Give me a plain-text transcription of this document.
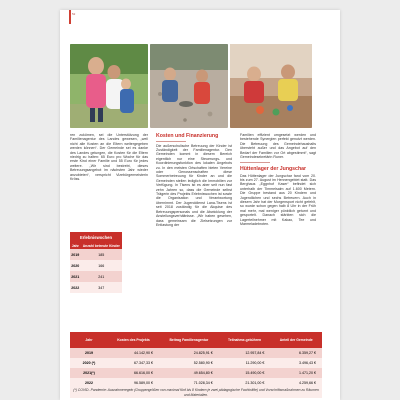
52

ren zukömen, sei die Unterstützung der Familienagentur des Landes gewesen, „weil nicht alle Kosten an die Eltern weitergegeben werden können“. Der Gemeinde sei es danke des Landes gelungen, die Kosten für die Eltern niedrig zu halten: 65 Euro pro Woche für das erste Kind einer Familie und 55 Euro für jedes weitere. „Wir sind bestrebt, dieses Betreuungsangebot im nächsten Jahr wieder anzubieten“, verspricht Vizebürgermeisterin Kröss.

Erlebniswochen	
Jahr	Anzahl betreute Kinder
2019	185
2020	166
2021	241
2022	347
Kosten und Finanzierung

Die außerschulische Betreuung der Kinder ist Zuständigkeit der Familienagentur. Den Gemeinden kommt in diesem Bereich eigentlich nur eine Steuerungs- und Koordinierungsfunktion des lokalen Angebots zu. In den meisten Ortschaften bieten Vereine oder Genossenschaften diese Sommerbetreuung für Kinder an und die Gemeinden stellen lediglich die Immobilien zur Verfügung. In Tisens ist es aber seit nun fast zehn Jahren so, dass die Gemeinde selbst Trägerin des Projekts Erlebniswochen ist sowie die Organisation und Verantwortung übernimmt. Der Jugenddienst Lana-Tisens ist seit 2018 zuständig für die Akquise des Betreuungspersonals und die Abwicklung der Anstellungsverhältnisse. „Wir haben gesehen, dass gemeinsam die Zielsetzungen zur Entlastung der

Familien effizient umgesetzt werden und bestehende Synergien perfekt genutzt werden. Die Betreuung des Gemeindehaushalts übersteht außer und das Angebot auf den Bedarf der Familien vor Ort abgestimmt“, sagt Gemeindesekretärin Runer.

Hüttenlager der Jungschar

Das Hüttenlager der Jungschar fand vom 20. bis zum 27. August im Hennengebiet statt. Das Berghaus „Eggnhof Kaser“ befindet sich unterhalb der Timmelsalm auf 1.600 Metern. Die Gruppe bestand aus 20 Kindern und Jugendlichen und sechs Betreuern. Auch in diesem Jahr hat der Morgensport nicht gefehlt, so wurde schon gegen halb 8 Uhr in der Früh mal mehr, mal weniger pünktlich geturnt und gesportelt. Danach stärkten sich die Lagerteilnehmer mit Kakao, Tee und Marmeladebroten.

Jahr	Kosten des Projekts	Beitrag Familienagentur	Teilnahme-gebühren	Anteil der Gemeinde
2019	44.142,90 €	24.825,91 €	12.957,84 €	6.359,27 €
2020 (*)	67.347,33 €	52.580,90 €	11.290,00 €	3.496,43 €
2021(*)	66.616,00 €	49.654,80 €	15.490,00 €	1.471,20 €
2022	96.589,00 €	71.028,34 €	21.301,00 €	4.259,66 €
(*) COVID- Pandemie: Ausnahmeregeln (Gruppengrößen von maximal fünf bis 8 Kindern je zwei pädagogische Fachkräfte) und Vorschriftsmaßnahmen zu Räumen und Materialien.
